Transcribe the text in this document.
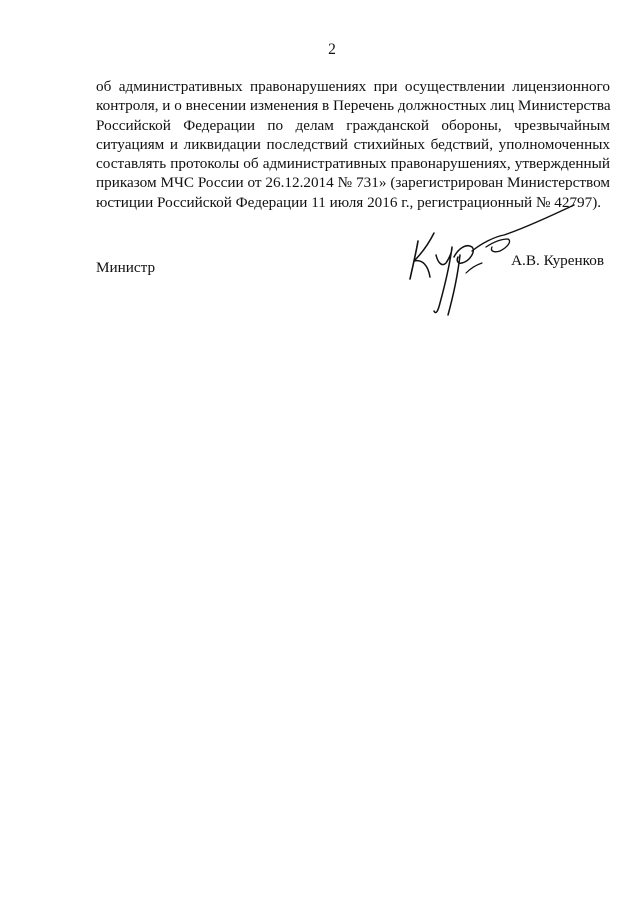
2
об административных правонарушениях при осуществлении лицензионного
контроля, и о внесении изменения в Перечень должностных лиц Министерства
Российской Федерации по делам гражданской обороны, чрезвычайным
ситуациям и ликвидации последствий стихийных бедствий, уполномоченных
составлять протоколы об административных правонарушениях, утвержденный
приказом МЧС России от 26.12.2014 № 731» (зарегистрирован Министерством
юстиции Российской Федерации 11 июля 2016 г., регистрационный № 42797).
Министр	А.В. Куренков
